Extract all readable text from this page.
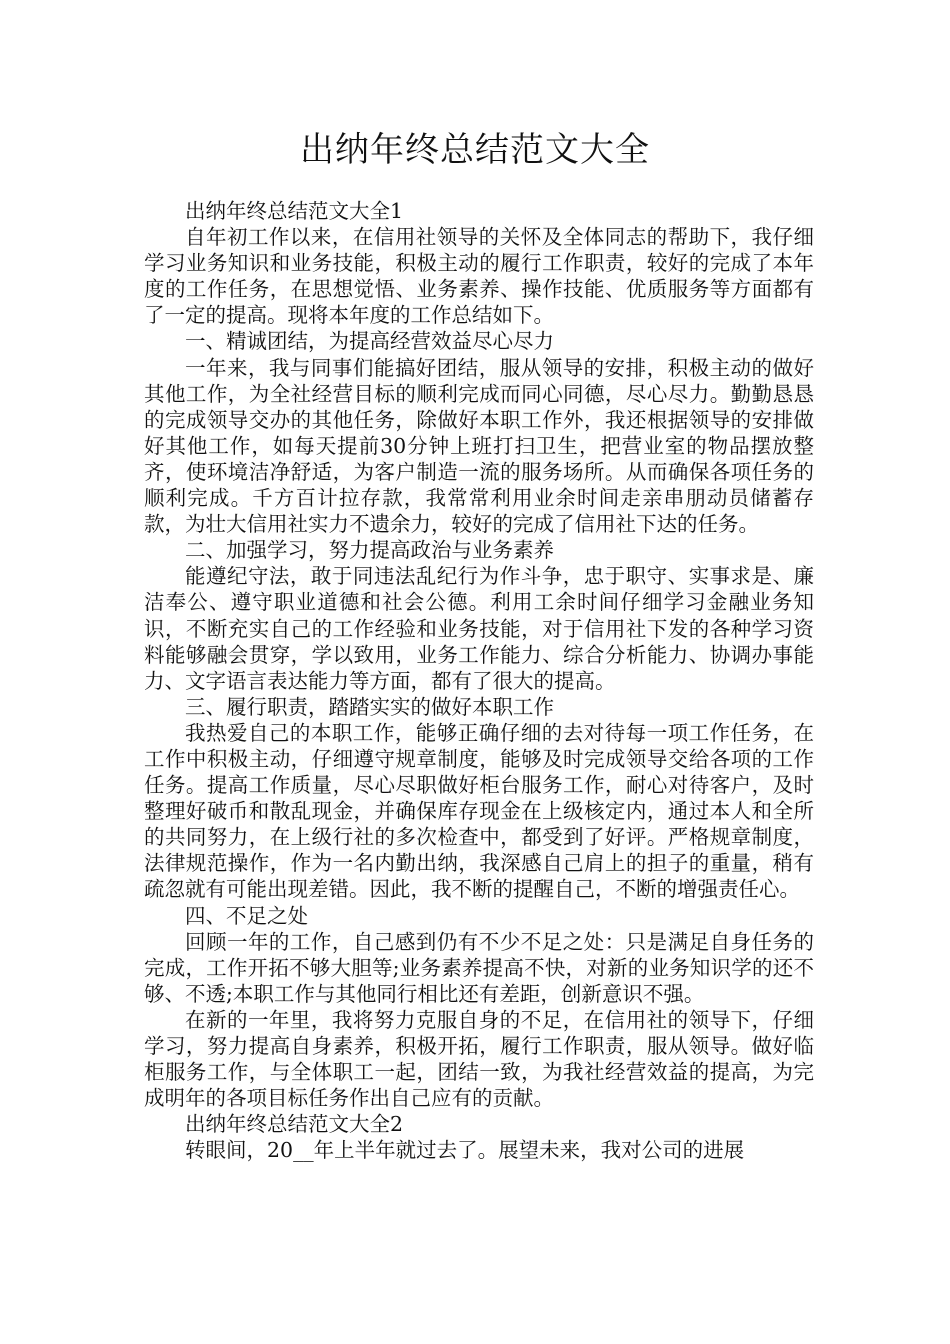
出纳年终总结范文大全

出纳年终总结范文大全1

自年初工作以来，在信用社领导的关怀及全体同志的帮助下，我仔细学习业务知识和业务技能，积极主动的履行工作职责，较好的完成了本年度的工作任务，在思想觉悟、业务素养、操作技能、优质服务等方面都有了一定的提高。现将本年度的工作总结如下。

一、精诚团结，为提高经营效益尽心尽力

一年来，我与同事们能搞好团结，服从领导的安排，积极主动的做好其他工作，为全社经营目标的顺利完成而同心同德，尽心尽力。勤勤恳恳的完成领导交办的其他任务，除做好本职工作外，我还根据领导的安排做好其他工作，如每天提前30分钟上班打扫卫生，把营业室的物品摆放整齐，使环境洁净舒适，为客户制造一流的服务场所。从而确保各项任务的顺利完成。千方百计拉存款，我常常利用业余时间走亲串朋动员储蓄存款，为壮大信用社实力不遗余力，较好的完成了信用社下达的任务。

二、加强学习，努力提高政治与业务素养

能遵纪守法，敢于同违法乱纪行为作斗争，忠于职守、实事求是、廉洁奉公、遵守职业道德和社会公德。利用工余时间仔细学习金融业务知识，不断充实自己的工作经验和业务技能，对于信用社下发的各种学习资料能够融会贯穿，学以致用，业务工作能力、综合分析能力、协调办事能力、文字语言表达能力等方面，都有了很大的提高。

三、履行职责，踏踏实实的做好本职工作

我热爱自己的本职工作，能够正确仔细的去对待每一项工作任务，在工作中积极主动，仔细遵守规章制度，能够及时完成领导交给各项的工作任务。提高工作质量，尽心尽职做好柜台服务工作，耐心对待客户，及时整理好破币和散乱现金，并确保库存现金在上级核定内，通过本人和全所的共同努力，在上级行社的多次检查中，都受到了好评。严格规章制度，法律规范操作，作为一名内勤出纳，我深感自己肩上的担子的重量，稍有疏忽就有可能出现差错。因此，我不断的提醒自己，不断的增强责任心。

四、不足之处

回顾一年的工作，自己感到仍有不少不足之处：只是满足自身任务的完成，工作开拓不够大胆等;业务素养提高不快，对新的业务知识学的还不够、不透;本职工作与其他同行相比还有差距，创新意识不强。

在新的一年里，我将努力克服自身的不足，在信用社的领导下，仔细学习，努力提高自身素养，积极开拓，履行工作职责，服从领导。做好临柜服务工作，与全体职工一起，团结一致，为我社经营效益的提高，为完成明年的各项目标任务作出自己应有的贡献。

出纳年终总结范文大全2

转眼间，20__年上半年就过去了。展望未来，我对公司的进展
